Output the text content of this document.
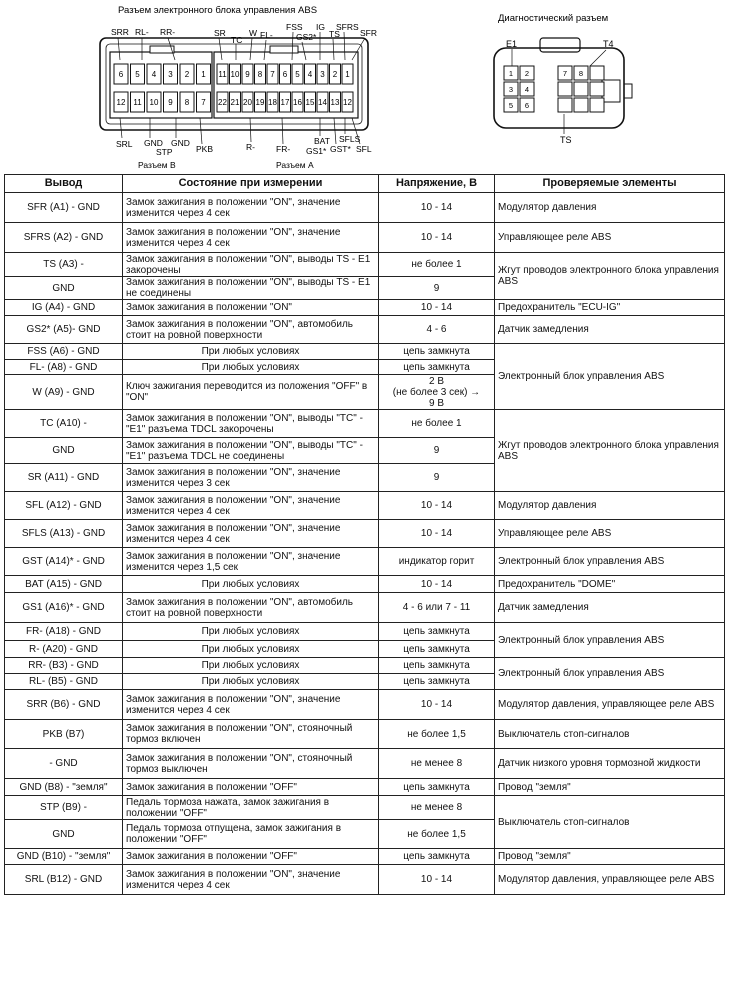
Разъем электронного блока управления ABS
Диагностический разъем
6 5 4 3 2 1
12 11 10 9 8 7
11 10 9 8 7 6 5 4 3 2 1
22 21 20 19 18 17 16 15 14 13 12
SRR RL- RR-	SR
TC
W FL-
FSS IG
GS2* TS
SFRS
SFR
SRL GND GND
STP	PKB
Разъем B
R- FR-
BAT
GS1* GST*
SFLS
SFL
Разъем A
1 2
3 4
5 6
7 8
E1	T4
TS
Вывод	Состояние при измерении	Напряжение, В	Проверяемые элементы
SFR (A1) - GND	Замок зажигания в положении "ON", значение изменится через 4 сек	10 - 14	Модулятор давления
SFRS (A2) - GND	Замок зажигания в положении "ON", значение изменится через 4 сек	10 - 14	Управляющее реле ABS
TS (A3) -	Замок зажигания в положении "ON", выводы TS - E1 закорочены	не более 1	Жгут проводов электронного блока управления ABS
GND	Замок зажигания в положении "ON", выводы TS - E1 не соединены	9	
IG (A4) - GND	Замок зажигания в положении "ON"	10 - 14	Предохранитель "ECU-IG"
GS2* (A5)- GND	Замок зажигания в положении "ON", автомобиль стоит на ровной поверхности	4 - 6	Датчик замедления
FSS (A6) - GND	При любых условиях	цепь замкнута	Электронный блок управления ABS
FL- (A8) - GND	При любых условиях	цепь замкнута	
W (A9) - GND	Ключ зажигания переводится из положения "OFF" в "ON"	2 В
(не более 3 сек) →
9 В	

TC (A10) -	Замок зажигания в положении "ON", выводы "TC" - "E1" разъема TDCL закорочены	не более 1	Жгут проводов электронного блока управления ABS
GND	Замок зажигания в положении "ON", выводы "TC" - "E1" разъема TDCL не соединены	9	
SR (A11) - GND	Замок зажигания в положении "ON", значение изменится через 3 сек	9	
SFL (A12) - GND	Замок зажигания в положении "ON", значение изменится через 4 сек	10 - 14	Модулятор давления
SFLS (A13) - GND	Замок зажигания в положении "ON", значение изменится через 4 сек	10 - 14	Управляющее реле ABS
GST (A14)* - GND	Замок зажигания в положении "ON", значение изменится через 1,5 сек	индикатор горит	Электронный блок управления ABS
BAT (A15) - GND	При любых условиях	10 - 14	Предохранитель "DOME"
GS1 (A16)* - GND	Замок зажигания в положении "ON", автомобиль стоит на ровной поверхности	4 - 6 или 7 - 11	Датчик замедления
FR- (A18) - GND	При любых условиях	цепь замкнута	Электронный блок управления ABS
R- (A20) - GND	При любых условиях	цепь замкнута	
RR- (B3) - GND	При любых условиях	цепь замкнута	Электронный блок управления ABS
RL- (B5) - GND	При любых условиях	цепь замкнута	
SRR (B6) - GND	Замок зажигания в положении "ON", значение изменится через 4 сек	10 - 14	Модулятор давления, управляющее реле ABS
PKB (B7)	Замок зажигания в положении "ON", стояночный тормоз включен	не более 1,5	Выключатель стоп-сигналов
- GND	Замок зажигания в положении "ON", стояночный тормоз выключен	не менее 8	Датчик низкого уровня тормозной жидкости
GND (B8) - "земля"	Замок зажигания в положении "OFF"	цепь замкнута	Провод "земля"
STP (B9) -	Педаль тормоза нажата, замок зажигания в положении "OFF"	не менее 8	Выключатель стоп-сигналов
GND	Педаль тормоза отпущена, замок зажигания в положении "OFF"	не более 1,5	
GND (B10) - "земля"	Замок зажигания в положении "OFF"	цепь замкнута	Провод "земля"
SRL (B12) - GND	Замок зажигания в положении "ON", значение изменится через 4 сек	10 - 14	Модулятор давления, управляющее реле ABS
